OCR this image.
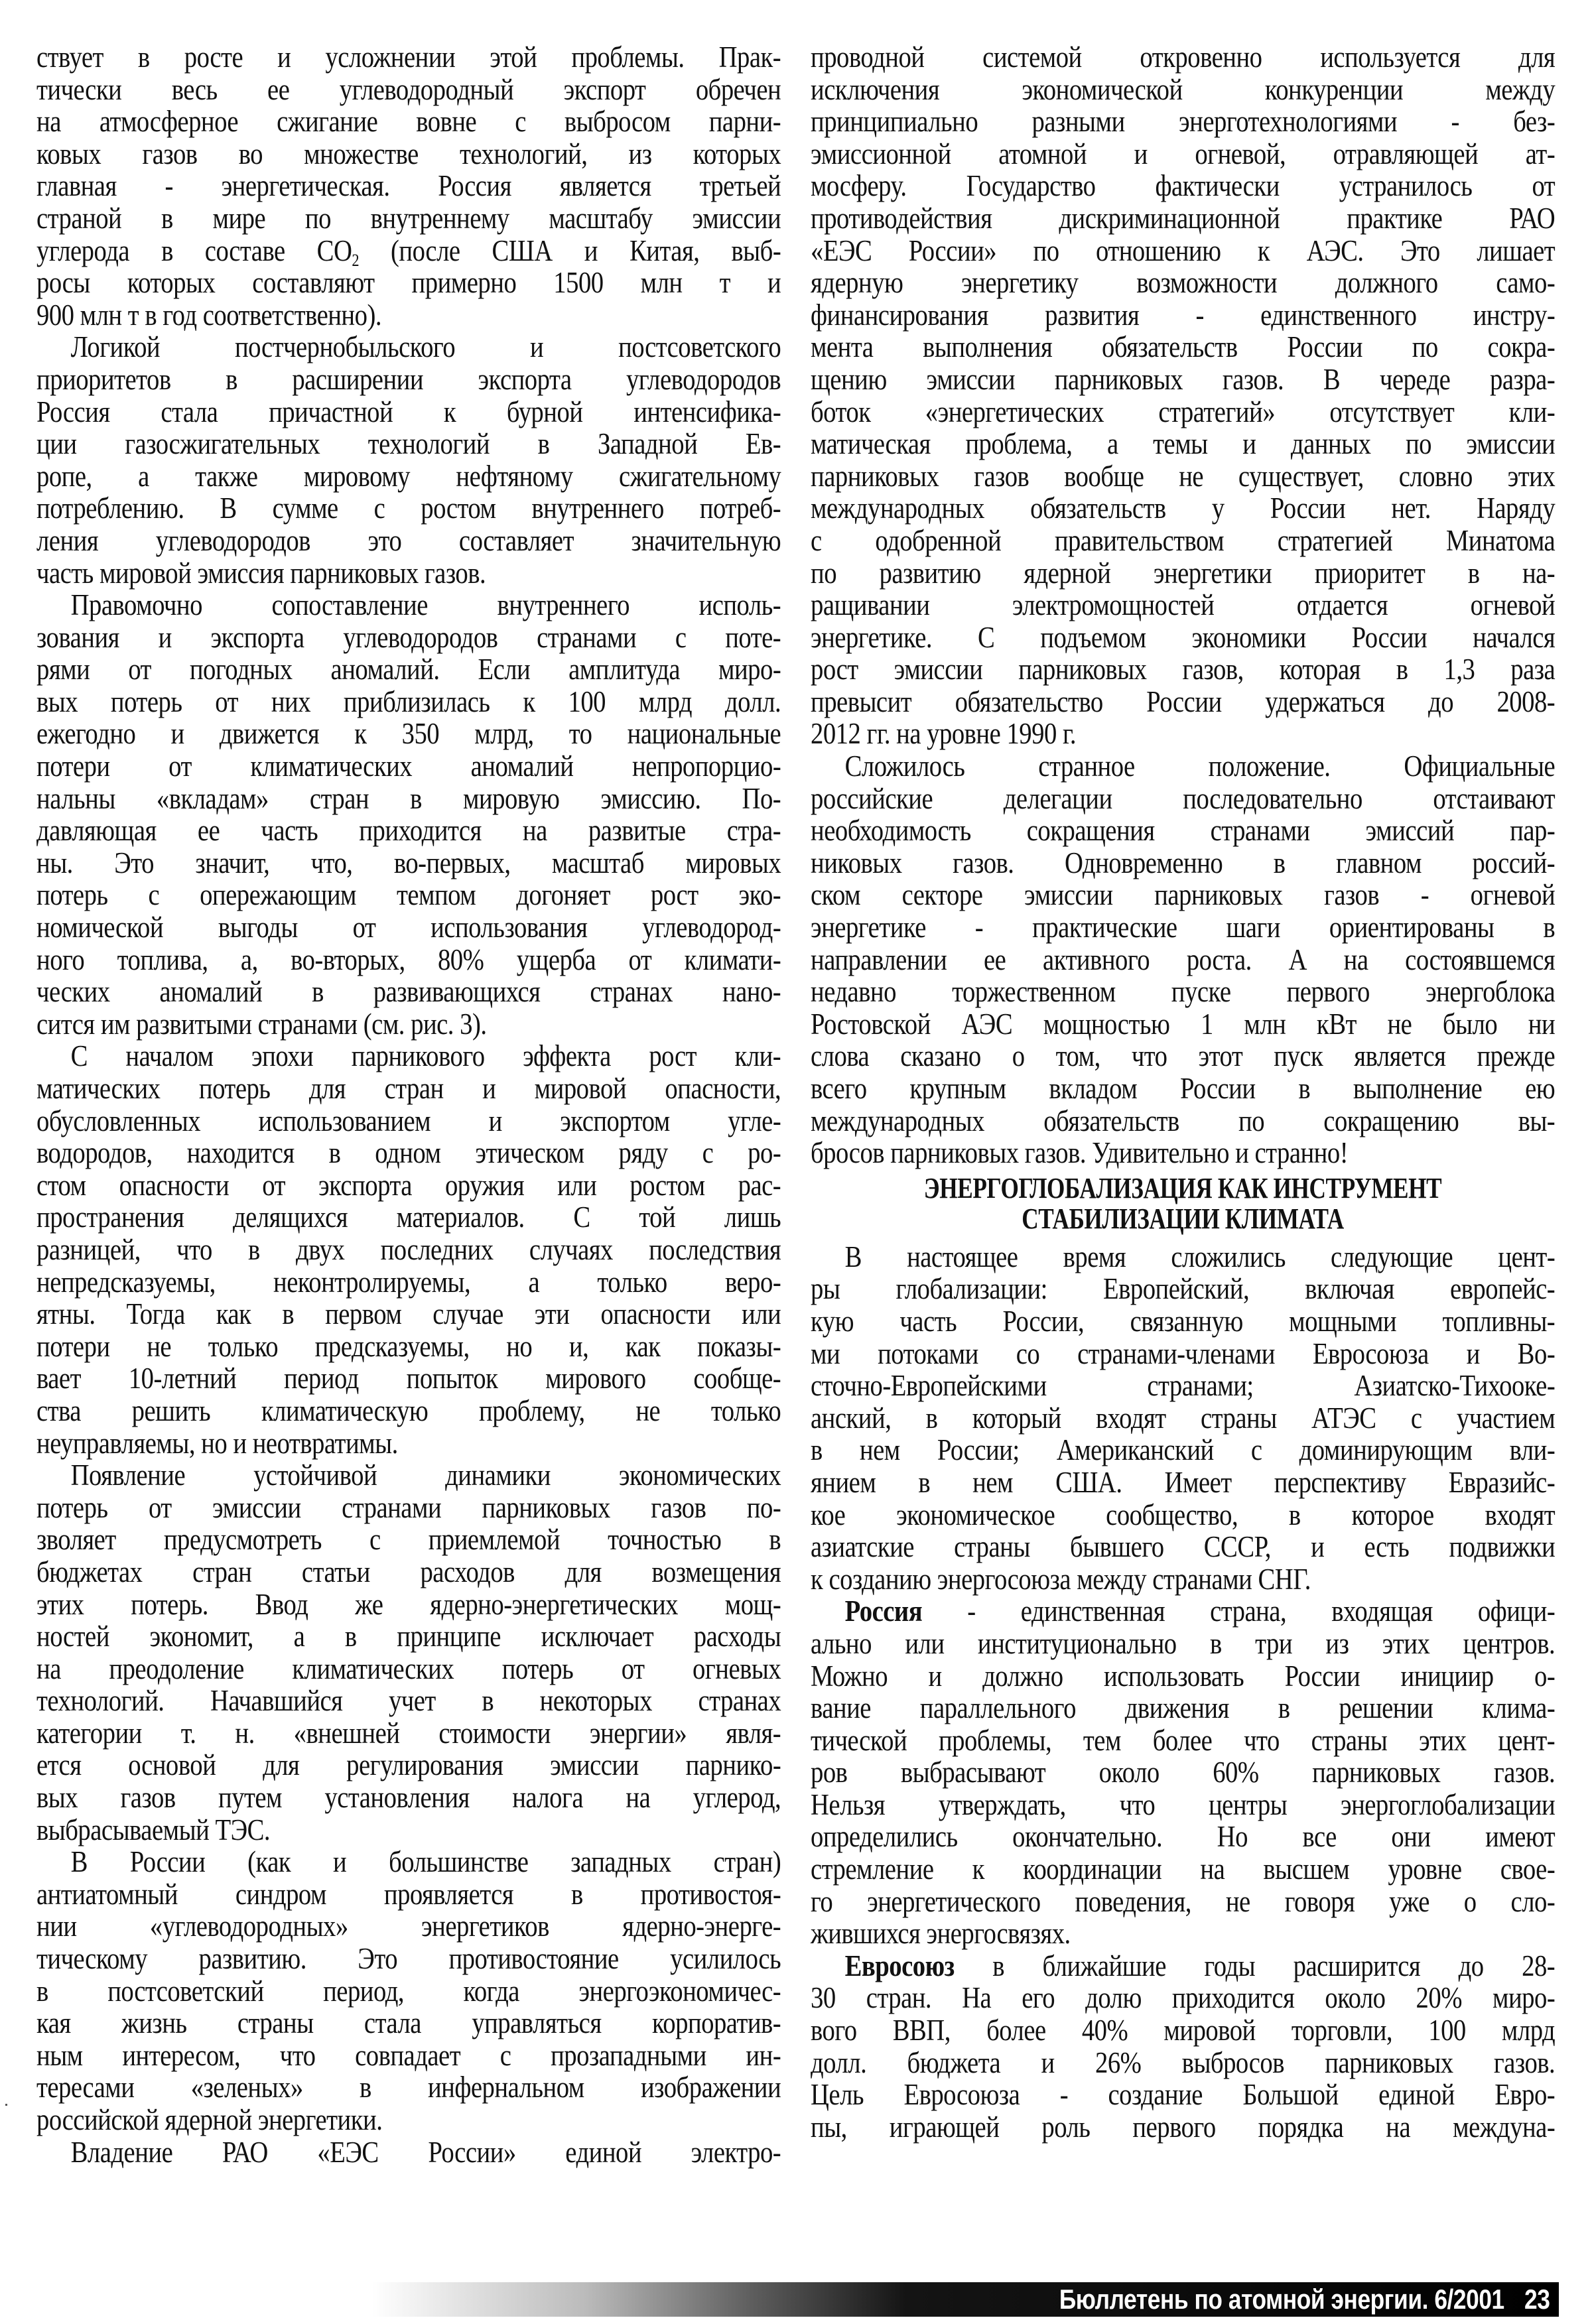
ствует в росте и усложнении этой проблемы. Прак-
тически весь ее углеводородный экспорт обречен
на атмосферное сжигание вовне с выбросом парни-
ковых газов во множестве технологий, из которых
главная - энергетическая. Россия является третьей
страной в мире по внутреннему масштабу эмиссии
углерода в составе $CO_2$ (после США и Китая, выб-
росы которых составляют примерно 1500 млн т и
900 млн т в год соответственно).
Логикой постчернобыльского и постсоветского
приоритетов в расширении экспорта углеводородов
Россия стала причастной к бурной интенсифика-
ции газосжигательных технологий в Западной Ев-
ропе, а также мировому нефтяному сжигательному
потреблению. В сумме с ростом внутреннего потреб-
ления углеводородов это составляет значительную
часть мировой эмиссия парниковых газов.
Правомочно сопоставление внутреннего исполь-
зования и экспорта углеводородов странами с поте-
рями от погодных аномалий. Если амплитуда миро-
вых потерь от них приблизилась к 100 млрд долл.
ежегодно и движется к 350 млрд, то национальные
потери от климатических аномалий непропорцио-
нальны «вкладам» стран в мировую эмиссию. По-
давляющая ее часть приходится на развитые стра-
ны. Это значит, что, во-первых, масштаб мировых
потерь с опережающим темпом догоняет рост эко-
номической выгоды от использования углеводород-
ного топлива, а, во-вторых, 80% ущерба от климати-
ческих аномалий в развивающихся странах нано-
сится им развитыми странами (см. рис. 3).
С началом эпохи парникового эффекта рост кли-
матических потерь для стран и мировой опасности,
обусловленных использованием и экспортом угле-
водородов, находится в одном этическом ряду с ро-
стом опасности от экспорта оружия или ростом рас-
пространения делящихся материалов. С той лишь
разницей, что в двух последних случаях последствия
непредсказуемы, неконтролируемы, а только веро-
ятны. Тогда как в первом случае эти опасности или
потери не только предсказуемы, но и, как показы-
вает 10-летний период попыток мирового сообще-
ства решить климатическую проблему, не только
неуправляемы, но и неотвратимы.
Появление устойчивой динамики экономических
потерь от эмиссии странами парниковых газов по-
зволяет предусмотреть с приемлемой точностью в
бюджетах стран статьи расходов для возмещения
этих потерь. Ввод же ядерно-энергетических мощ-
ностей экономит, а в принципе исключает расходы
на преодоление климатических потерь от огневых
технологий. Начавшийся учет в некоторых странах
категории т. н. «внешней стоимости энергии» явля-
ется основой для регулирования эмиссии парнико-
вых газов путем установления налога на углерод,
выбрасываемый ТЭС.
В России (как и большинстве западных стран)
антиатомный синдром проявляется в противостоя-
нии «углеводородных» энергетиков ядерно-энерге-
тическому развитию. Это противостояние усилилось
в постсоветский период, когда энергоэкономичес-
кая жизнь страны стала управляться корпоратив-
ным интересом, что совпадает с прозападными ин-
тересами «зеленых» в инфернальном изображении
российской ядерной энергетики.
Владение РАО «ЕЭС России» единой электро-
проводной системой откровенно используется для
исключения экономической конкуренции между
принципиально разными энерготехнологиями - без-
эмиссионной атомной и огневой, отравляющей ат-
мосферу. Государство фактически устранилось от
противодействия дискриминационной практике РАО
«ЕЭС России» по отношению к АЭС. Это лишает
ядерную энергетику возможности должного само-
финансирования развития - единственного инстру-
мента выполнения обязательств России по сокра-
щению эмиссии парниковых газов. В череде разра-
боток «энергетических стратегий» отсутствует кли-
матическая проблема, а темы и данных по эмиссии
парниковых газов вообще не существует, словно этих
международных обязательств у России нет. Наряду
с одобренной правительством стратегией Минатома
по развитию ядерной энергетики приоритет в на-
ращивании электромощностей отдается огневой
энергетике. С подъемом экономики России начался
рост эмиссии парниковых газов, которая в 1,3 раза
превысит обязательство России удержаться до 2008-
2012 гг. на уровне 1990 г.
Сложилось странное положение. Официальные
российские делегации последовательно отстаивают
необходимость сокращения странами эмиссий пар-
никовых газов. Одновременно в главном россий-
ском секторе эмиссии парниковых газов - огневой
энергетике - практические шаги ориентированы в
направлении ее активного роста. А на состоявшемся
недавно торжественном пуске первого энергоблока
Ростовской АЭС мощностью 1 млн кВт не было ни
слова сказано о том, что этот пуск является прежде
всего крупным вкладом России в выполнение ею
международных обязательств по сокращению вы-
бросов парниковых газов. Удивительно и странно!
ЭНЕРГОГЛОБАЛИЗАЦИЯ КАК ИНСТРУМЕНТ
СТАБИЛИЗАЦИИ КЛИМАТА
В настоящее время сложились следующие цент-
ры глобализации: Европейский, включая европейс-
кую часть России, связанную мощными топливны-
ми потоками со странами-членами Евросоюза и Во-
сточно-Европейскими странами; Азиатско-Тихооке-
анский, в который входят страны АТЭС с участием
в нем России; Американский с доминирующим вли-
янием в нем США. Имеет перспективу Евразийс-
кое экономическое сообщество, в которое входят
азиатские страны бывшего СССР, и есть подвижки
к созданию энергосоюза между странами СНГ.
Россия - единственная страна, входящая офици-
ально или институционально в три из этих центров.
Можно и должно использовать России инициир о-
вание параллельного движения в решении клима-
тической проблемы, тем более что страны этих цент-
ров выбрасывают около 60% парниковых газов.
Нельзя утверждать, что центры энергоглобализации
определились окончательно. Но все они имеют
стремление к координации на высшем уровне свое-
го энергетического поведения, не говоря уже о сло-
жившихся энергосвязях.
Евросоюз в ближайшие годы расширится до 28-
30 стран. На его долю приходится около 20% миро-
вого ВВП, более 40% мировой торговли, 100 млрд
долл. бюджета и 26% выбросов парниковых газов.
Цель Евросоюза - создание Большой единой Евро-
пы, играющей роль первого порядка на междуна-
Бюллетень по атомной энергии. 6/2001 23
